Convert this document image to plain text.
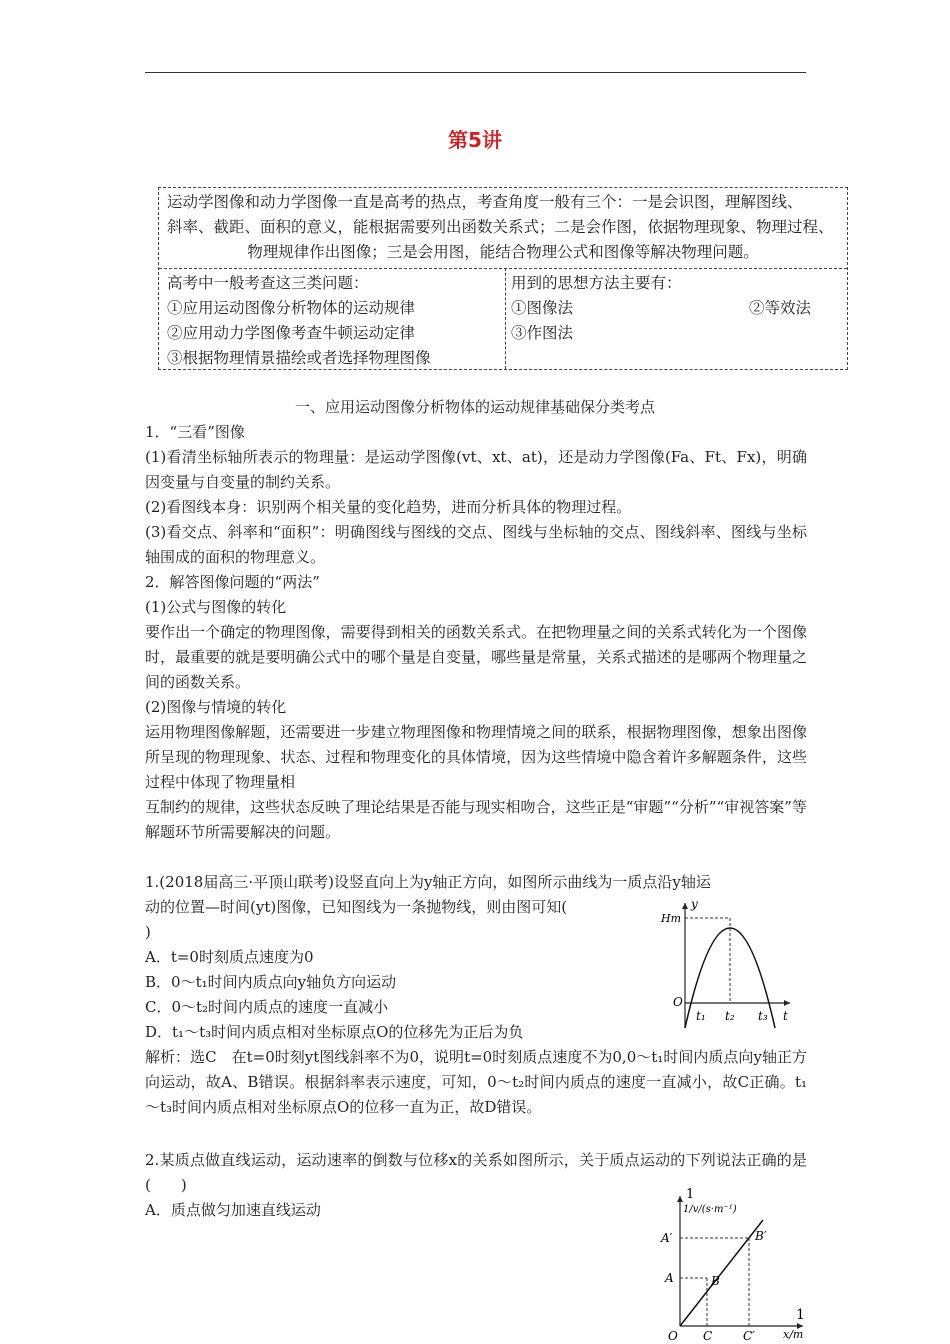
第5讲
运动学图像和动力学图像一直是高考的热点，考查角度一般有三个：一是会识图，理解图线、
斜率、截距、面积的意义，能根据需要列出函数关系式；二是会作图，依据物理现象、物理过程、
物理规律作出图像；三是会用图，能结合物理公式和图像等解决物理问题。
高考中一般考查这三类问题：
①应用运动图像分析物体的运动规律
②应用动力学图像考查牛顿运动定律
③根据物理情景描绘或者选择物理图像
用到的思想方法主要有：
①图像法	②等效法
③作图法
一、应用运动图像分析物体的运动规律基础保分类考点

1．“三看”图像

(1)看清坐标轴所表示的物理量：是运动学图像(vt、xt、at)，还是动力学图像(Fa、Ft、Fx)，明确因变量与自变量的制约关系。

(2)看图线本身：识别两个相关量的变化趋势，进而分析具体的物理过程。

(3)看交点、斜率和“面积”：明确图线与图线的交点、图线与坐标轴的交点、图线斜率、图线与坐标轴围成的面积的物理意义。

2．解答图像问题的“两法”

(1)公式与图像的转化

要作出一个确定的物理图像，需要得到相关的函数关系式。在把物理量之间的关系式转化为一个图像时，最重要的就是要明确公式中的哪个量是自变量，哪些量是常量，关系式描述的是哪两个物理量之间的函数关系。

(2)图像与情境的转化

运用物理图像解题，还需要进一步建立物理图像和物理情境之间的联系，根据物理图像，想象出图像所呈现的物理现象、状态、过程和物理变化的具体情境，因为这些情境中隐含着许多解题条件，这些过程中体现了物理量相

互制约的规律，这些状态反映了理论结果是否能与现实相吻合，这些正是“审题”“分析”“审视答案”等解题环节所需要解决的问题。

1.(2018届高三·平顶山联考)设竖直向上为y轴正方向，如图所示曲线为一质点沿y轴运
动的位置—时间(yt)图像，已知图线为一条抛物线，则由图可知(
)
A．t=0时刻质点速度为0
B．0～t₁时间内质点向y轴负方向运动
C．0～t₂时间内质点的速度一直减小
D．t₁～t₃时间内质点相对坐标原点O的位移先为正后为负
解析：选C　在t=0时刻yt图线斜率不为0，说明t=0时刻质点速度不为0,0～t₁时间内质点向y轴正方向运动，故A、B错误。根据斜率表示速度，可知，0～t₂时间内质点的速度一直减小，故C正确。t₁～t₃时间内质点相对坐标原点O的位移一直为正，故D错误。
y
Hm
O
t₁ t₂ t₃ t
2.某质点做直线运动，运动速率的倒数与位移x的关系如图所示，关于质点运动的下列说法正确的是(　　)
A．质点做匀加速直线运动
1
1/v/(s·m⁻¹)
A′	B′
A	B
1
x/m
O C	C′
